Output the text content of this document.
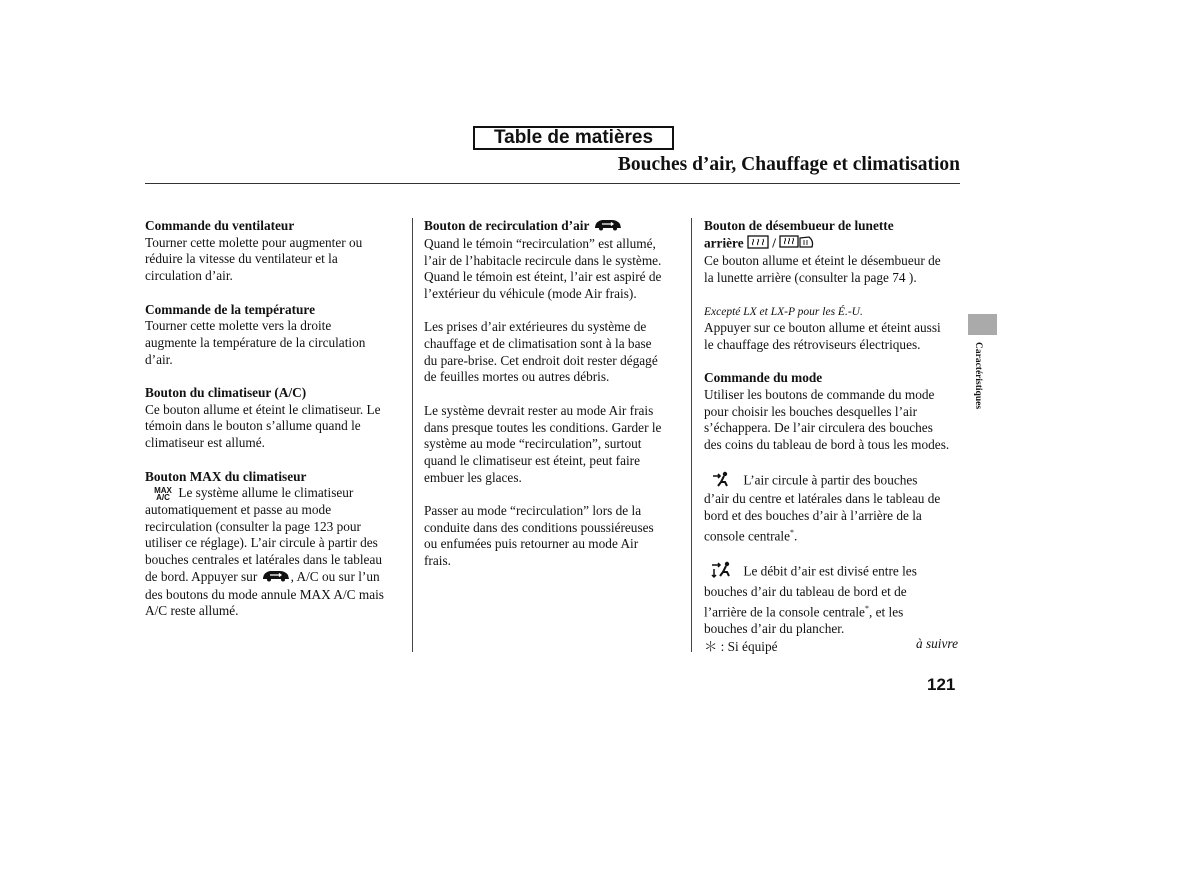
Table de matières
Bouches d’air, Chauffage et climatisation

Commande du ventilateur

Tourner cette molette pour augmenter ou

réduire la vitesse du ventilateur et la

circulation d’air.

Commande de la température

Tourner cette molette vers la droite

augmente la température de la circulation

d’air.

Bouton du climatiseur (A/C)

Ce bouton allume et éteint le climatiseur. Le

témoin dans le bouton s’allume quand le

climatiseur est allumé.

Bouton MAX du climatiseur

MAX
A/C Le système allume le climatiseur

automatiquement et passe au mode

recirculation (consulter la page 123 pour

utiliser ce réglage). L’air circule à partir des

bouches centrales et latérales dans le tableau

de bord. Appuyer sur	, A/C ou sur l’un

des boutons du mode annule MAX A/C mais

A/C reste allumé.

Bouton de recirculation d’air

Quand le témoin “recirculation” est allumé,

l’air de l’habitacle recircule dans le système.

Quand le témoin est éteint, l’air est aspiré de

l’extérieur du véhicule (mode Air frais).

Les prises d’air extérieures du système de

chauffage et de climatisation sont à la base

du pare-brise. Cet endroit doit rester dégagé

de feuilles mortes ou autres débris.

Le système devrait rester au mode Air frais

dans presque toutes les conditions. Garder le

système au mode “recirculation”, surtout

quand le climatiseur est éteint, peut faire

embuer les glaces.

Passer au mode “recirculation” lors de la

conduite dans des conditions poussiéreuses

ou enfumées puis retourner au mode Air

frais.

Bouton de désembueur de lunette

arrière /

Ce bouton allume et éteint le désembueur de

la lunette arrière (consulter la page 74 ).

Excepté LX et LX-P pour les É.-U.

Appuyer sur ce bouton allume et éteint aussi

le chauffage des rétroviseurs électriques.

Commande du mode

Utiliser les boutons de commande du mode

pour choisir les bouches desquelles l’air

s’échappera. De l’air circulera des bouches

des coins du tableau de bord à tous les modes.

L’air circule à partir des bouches

d’air du centre et latérales dans le tableau de

bord et des bouches d’air à l’arrière de la

console centrale*.

Le débit d’air est divisé entre les

bouches d’air du tableau de bord et de

l’arrière de la console centrale*, et les

bouches d’air du plancher.

＊ : Si équipé	à suivre
Caractéristiques
121
